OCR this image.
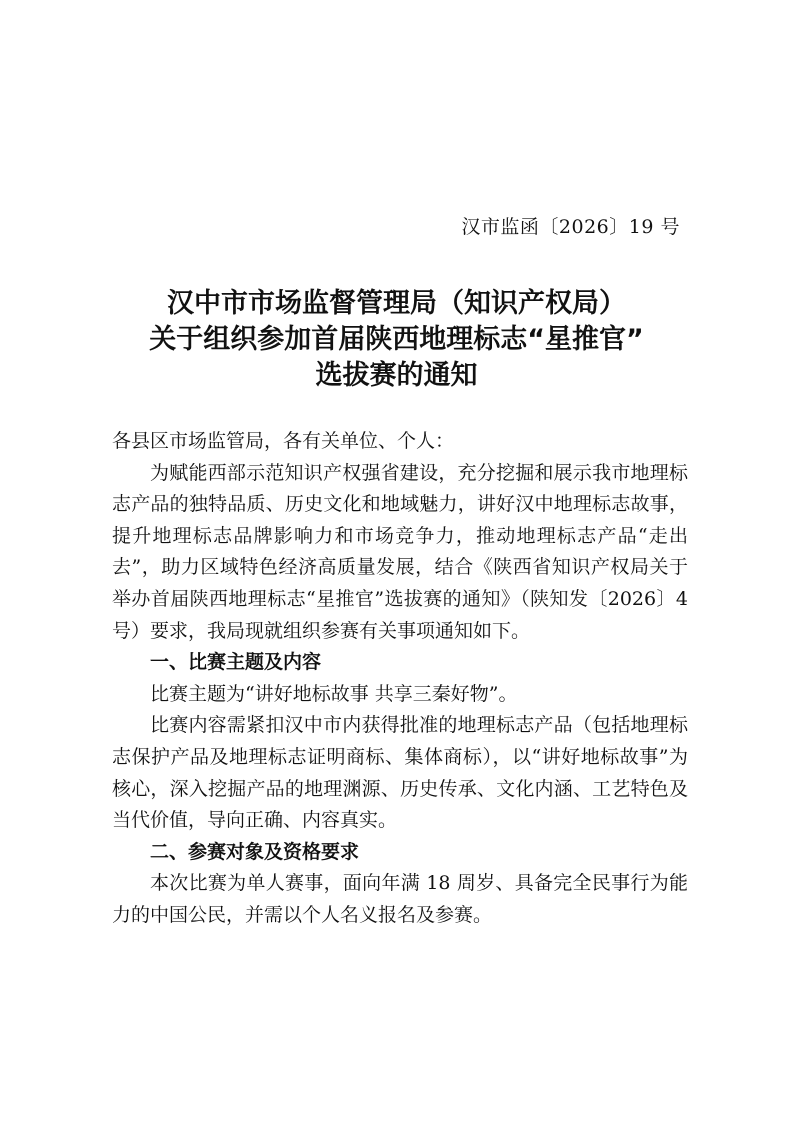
汉市监函〔2026〕19 号
汉中市市场监督管理局（知识产权局）
关于组织参加首届陕西地理标志“星推官”
选拔赛的通知

各县区市场监管局，各有关单位、个人：

为赋能西部示范知识产权强省建设，充分挖掘和展示我市地理标志产品的独特品质、历史文化和地域魅力，讲好汉中地理标志故事，提升地理标志品牌影响力和市场竞争力，推动地理标志产品“走出去”，助力区域特色经济高质量发展，结合《陕西省知识产权局关于举办首届陕西地理标志“星推官”选拔赛的通知》（陕知发〔2026〕4 号）要求，我局现就组织参赛有关事项通知如下。

一、比赛主题及内容

比赛主题为“讲好地标故事 共享三秦好物”。

比赛内容需紧扣汉中市内获得批准的地理标志产品（包括地理标志保护产品及地理标志证明商标、集体商标），以“讲好地标故事”为核心，深入挖掘产品的地理渊源、历史传承、文化内涵、工艺特色及当代价值，导向正确、内容真实。

二、参赛对象及资格要求

本次比赛为单人赛事，面向年满 18 周岁、具备完全民事行为能力的中国公民，并需以个人名义报名及参赛。
